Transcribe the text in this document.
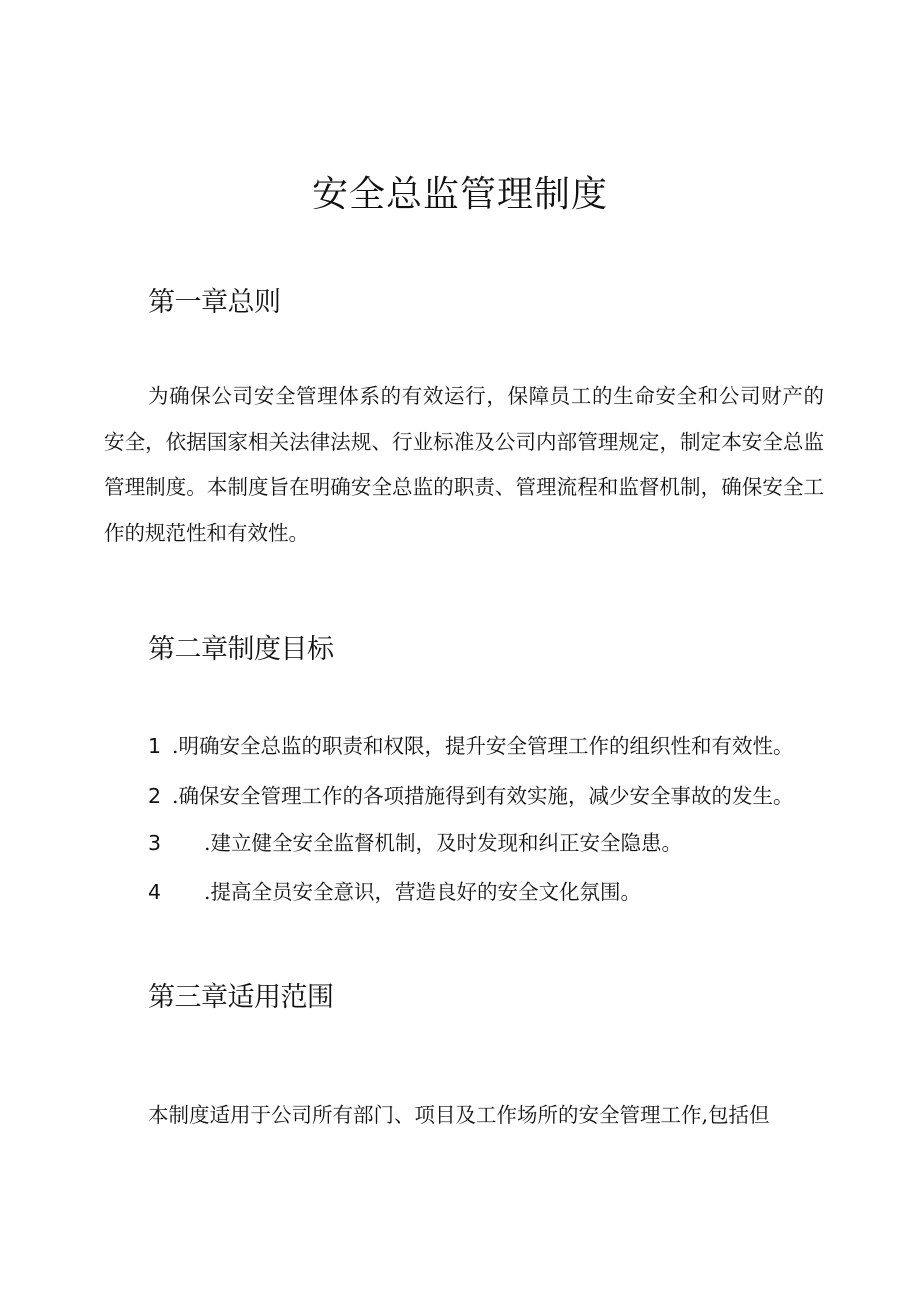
安全总监管理制度
第一章总则

为确保公司安全管理体系的有效运行，保障员工的生命安全和公司财产的安全，依据国家相关法律法规、行业标准及公司内部管理规定，制定本安全总监管理制度。本制度旨在明确安全总监的职责、管理流程和监督机制，确保安全工作的规范性和有效性。

第二章制度目标
1 .明确安全总监的职责和权限，提升安全管理工作的组织性和有效性。
2 .确保安全管理工作的各项措施得到有效实施，减少安全事故的发生。
3 .建立健全安全监督机制，及时发现和纠正安全隐患。
4 .提高全员安全意识，营造良好的安全文化氛围。
第三章适用范围

本制度适用于公司所有部门、项目及工作场所的安全管理工作,包括但
